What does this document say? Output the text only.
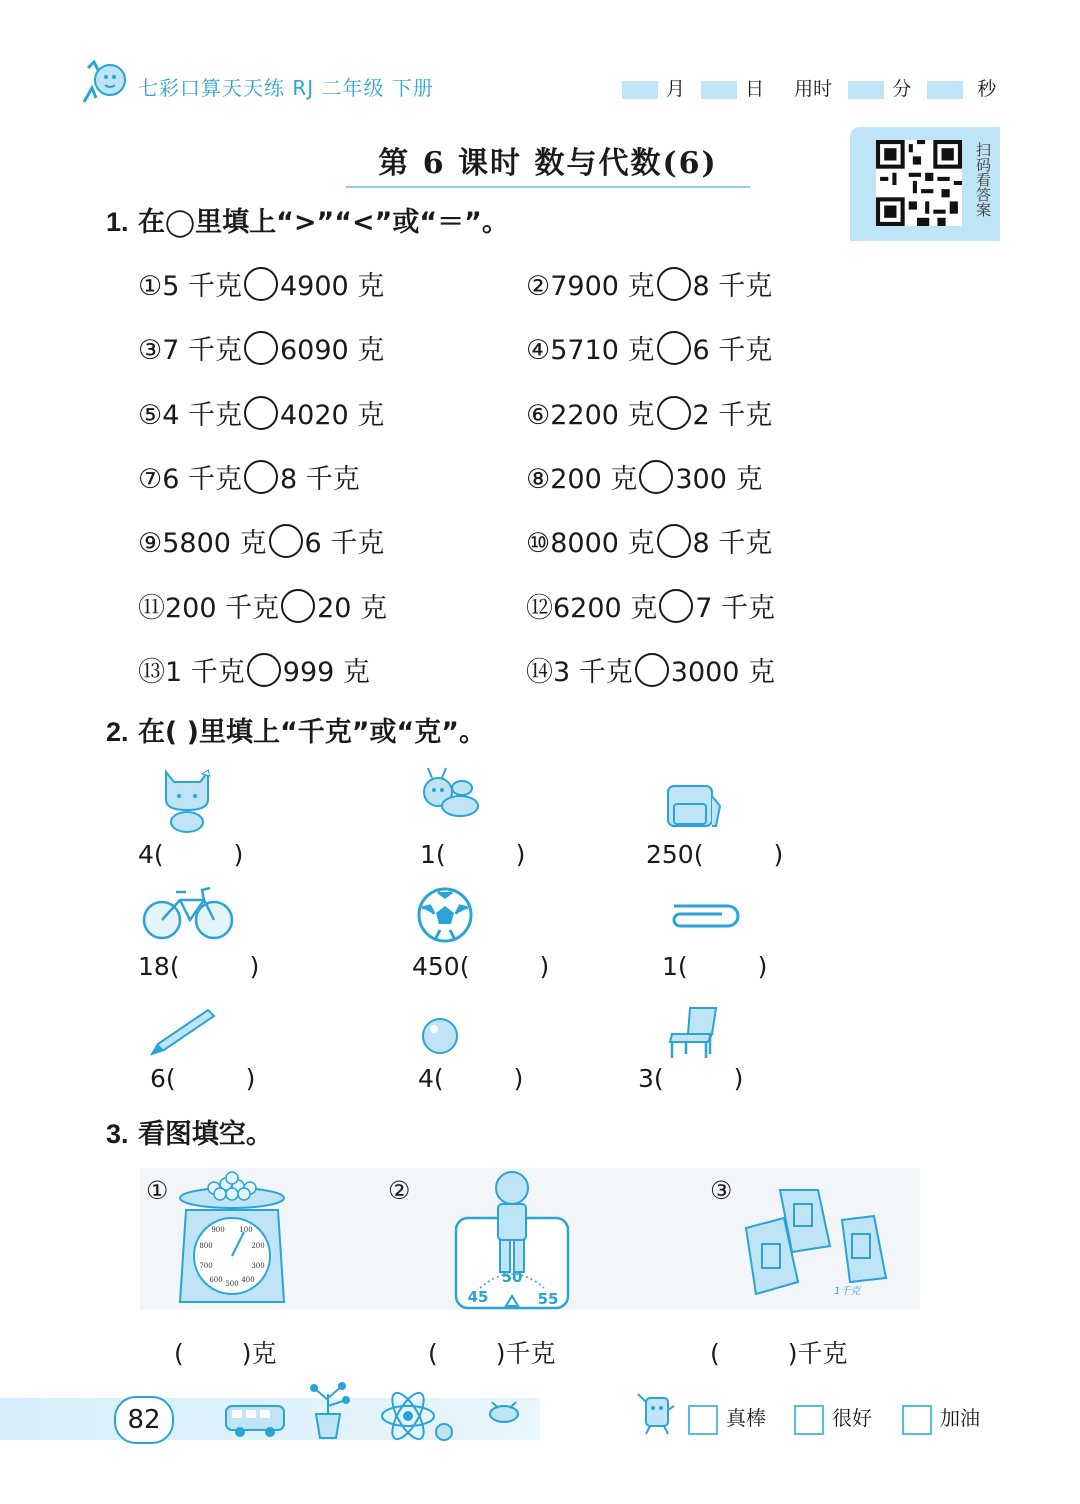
七彩口算天天练 RJ 二年级 下册	月	日 用时	分	秒
第 6 课时 数与代数(6)	扫码看答案
1. 在◯里填上“>”“<”或“＝”。
①5 千克 4900 克	②7900 克 8 千克
③7 千克 6090 克	④5710 克 6 千克
⑤4 千克 4020 克	⑥2200 克 2 千克
⑦6 千克 8 千克	⑧200 克 300 克
⑨5800 克 6 千克	⑩8000 克 8 千克
⑪200 千克 20 克	⑫6200 克 7 千克
⑬1 千克 999 克	⑭3 千克 3000 克
2. 在( )里填上“千克”或“克”。
4(	)	1(	)	250(	)
18(	)	450(	)	1(	)
6(	)	4(	)	3(	)
3. 看图填空。
①	②	③
900 100
800	200
700	300
600 500 400
45
50
55	1千克
( )克	( )千克	(	)千克
82	真棒	很好	加油
